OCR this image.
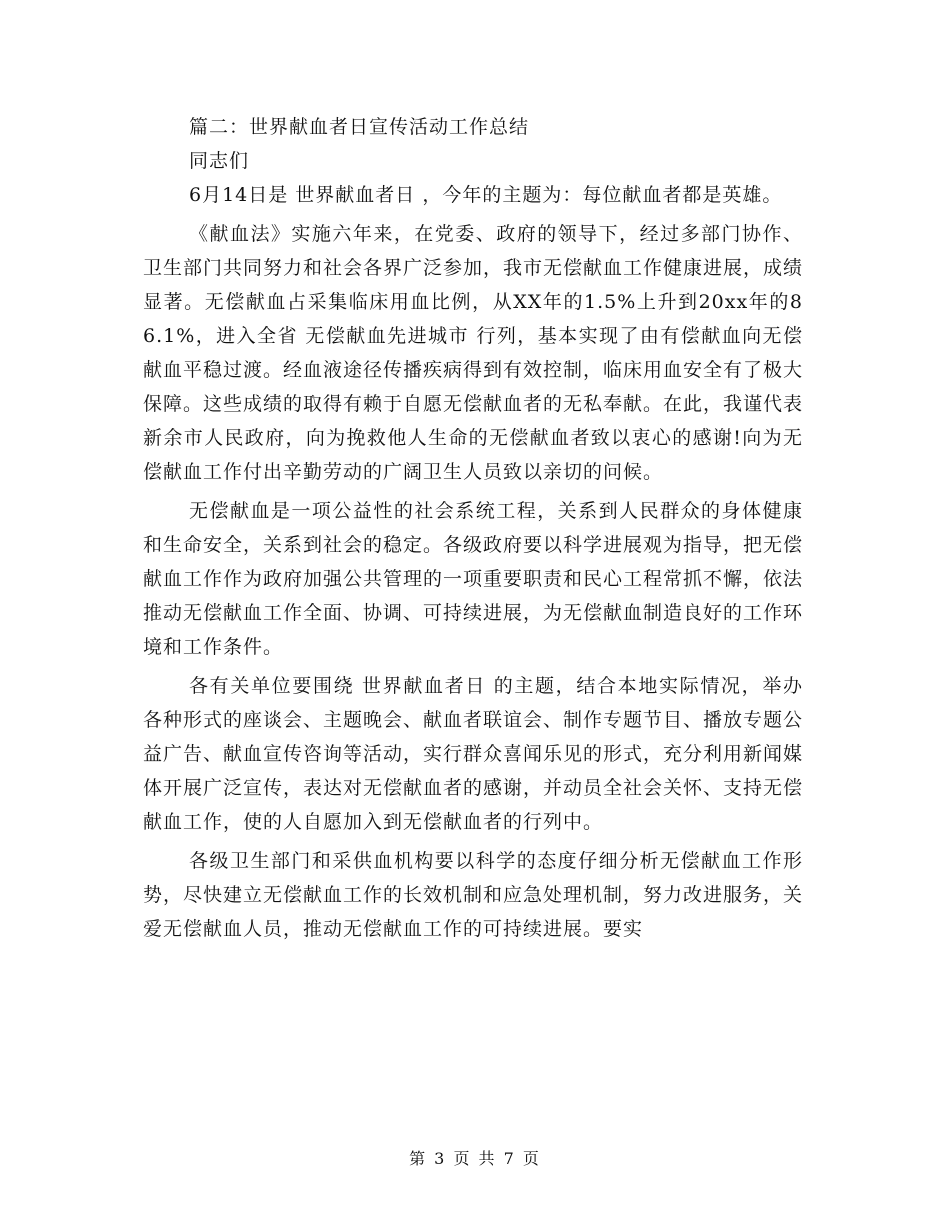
篇二：世界献血者日宣传活动工作总结

同志们

6月14日是 世界献血者日 ，今年的主题为：每位献血者都是英雄。

《献血法》实施六年来，在党委、政府的领导下，经过多部门协作、卫生部门共同努力和社会各界广泛参加，我市无偿献血工作健康进展，成绩显著。无偿献血占采集临床用血比例，从XX年的1.5%上升到20xx年的86.1%，进入全省 无偿献血先进城市 行列，基本实现了由有偿献血向无偿献血平稳过渡。经血液途径传播疾病得到有效控制，临床用血安全有了极大保障。这些成绩的取得有赖于自愿无偿献血者的无私奉献。在此，我谨代表新余市人民政府，向为挽救他人生命的无偿献血者致以衷心的感谢!向为无偿献血工作付出辛勤劳动的广阔卫生人员致以亲切的问候。

无偿献血是一项公益性的社会系统工程，关系到人民群众的身体健康和生命安全，关系到社会的稳定。各级政府要以科学进展观为指导，把无偿献血工作作为政府加强公共管理的一项重要职责和民心工程常抓不懈，依法推动无偿献血工作全面、协调、可持续进展，为无偿献血制造良好的工作环境和工作条件。

各有关单位要围绕 世界献血者日 的主题，结合本地实际情况，举办各种形式的座谈会、主题晚会、献血者联谊会、制作专题节目、播放专题公益广告、献血宣传咨询等活动，实行群众喜闻乐见的形式，充分利用新闻媒体开展广泛宣传，表达对无偿献血者的感谢，并动员全社会关怀、支持无偿献血工作，使的人自愿加入到无偿献血者的行列中。

各级卫生部门和采供血机构要以科学的态度仔细分析无偿献血工作形势，尽快建立无偿献血工作的长效机制和应急处理机制，努力改进服务，关爱无偿献血人员，推动无偿献血工作的可持续进展。要实

第 3 页 共 7 页
